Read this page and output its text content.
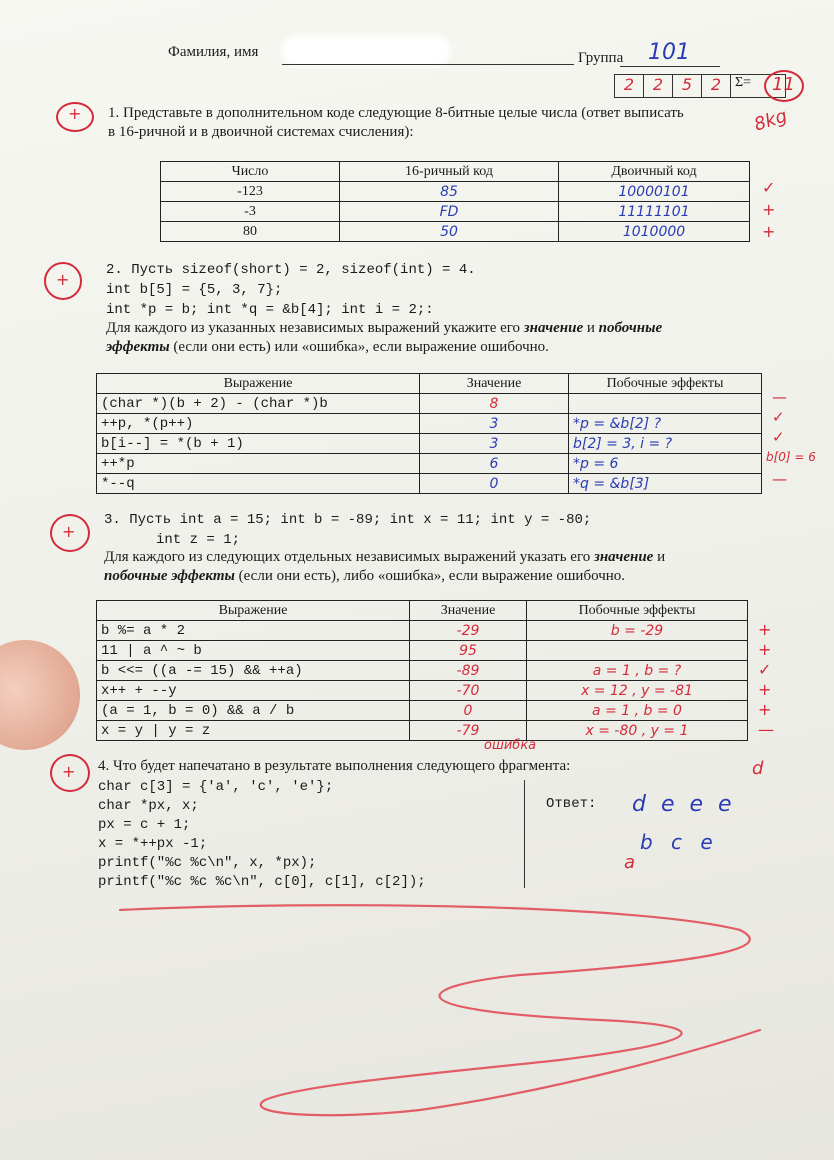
Фамилия, имя	Группа 101
2	2	5	2 Σ=	11
+ 1. Представьте в дополнительном коде следующие 8-битные целые числа (ответ выписать
в 16-ричной и в двоичной системах счисления):	8kg
Число	16-ричный код	Двоичный код
-123	85	10000101
-3	FD	11111101
80	50	1010000
✓
+
+
+	2. Пусть sizeof(short) = 2, sizeof(int) = 4.
int b[5] = {5, 3, 7};
int *p = b; int *q = &b[4]; int i = 2;:
Для каждого из указанных независимых выражений укажите его значение и побочные
эффекты (если они есть) или «ошибка», если выражение ошибочно.
Выражение	Значение	Побочные эффекты
(char *)(b + 2) - (char *)b	8	
++p, *(p++)	3	*p = &b[2] ?
b[i--] = *(b + 1)	3	b[2] = 3, i = ?
++*p	6	*p = 6
*--q	0	*q = &b[3]
—
✓
✓
b[0] = 6
—
+
3. Пусть int a = 15; int b = -89; int x = 11; int y = -80;
int z = 1;
Для каждого из следующих отдельных независимых выражений указать его значение и
побочные эффекты (если они есть), либо «ошибка», если выражение ошибочно.
Выражение	Значение	Побочные эффекты
b %= a * 2	-29	b = -29
11 | a ^ ~ b	95	
b <<= ((a -= 15) && ++a)	-89	a = 1 , b = ?
x++ + --y	-70	x = 12 , y = -81
(a = 1, b = 0) && a / b	0	a = 1 , b = 0
x = y | y = z	-79	x = -80 , y = 1
+
+
✓
+
+
—
ошибка
+ 4. Что будет напечатано в результате выполнения следующего фрагмента:
char c[3] = {'a', 'c', 'e'};
char *px, x;
px = c + 1;
x = *++px -1;
printf("%c %c\n", x, *px);
printf("%c %c %c\n", c[0], c[1], c[2]);
Ответ:
d
d e e e
b c e
a
